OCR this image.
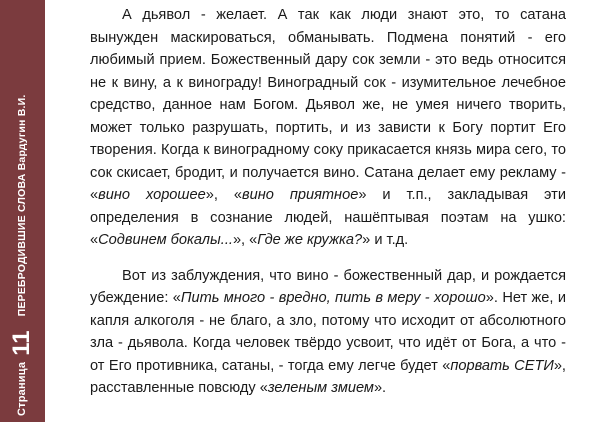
Страница
11
ПЕРЕБРОДИВШИЕ СЛОВА Вардугин В.И.

А дьявол - желает. А так как люди знают это, то сатана вынужден маскироваться, обманывать. Подмена понятий - его любимый прием. Божественный дару сок земли - это ведь относится не к вину, а к винограду! Виноградный сок - изумительное лечебное средство, данное нам Богом. Дьявол же, не умея ничего творить, может только разрушать, портить, и из зависти к Богу портит Его творения. Когда к виноградному соку прикасается князь мира сего, то сок скисает, бродит, и получается вино. Сатана делает ему рекламу - «вино хорошее», «вино приятное» и т.п., закладывая эти определения в сознание людей, нашёптывая поэтам на ушко: «Содвинем бокалы...», «Где же кружка?» и т.д.

Вот из заблуждения, что вино - божественный дар, и рождается убеждение: «Пить много - вредно, пить в меру - хорошо». Нет же, и капля алкоголя - не благо, а зло, потому что исходит от абсолютного зла - дьявола. Когда человек твёрдо усвоит, что идёт от Бога, а что - от Его противника, сатаны, - тогда ему легче будет «порвать СЕТИ», расставленные повсюду «зеленым змием».
